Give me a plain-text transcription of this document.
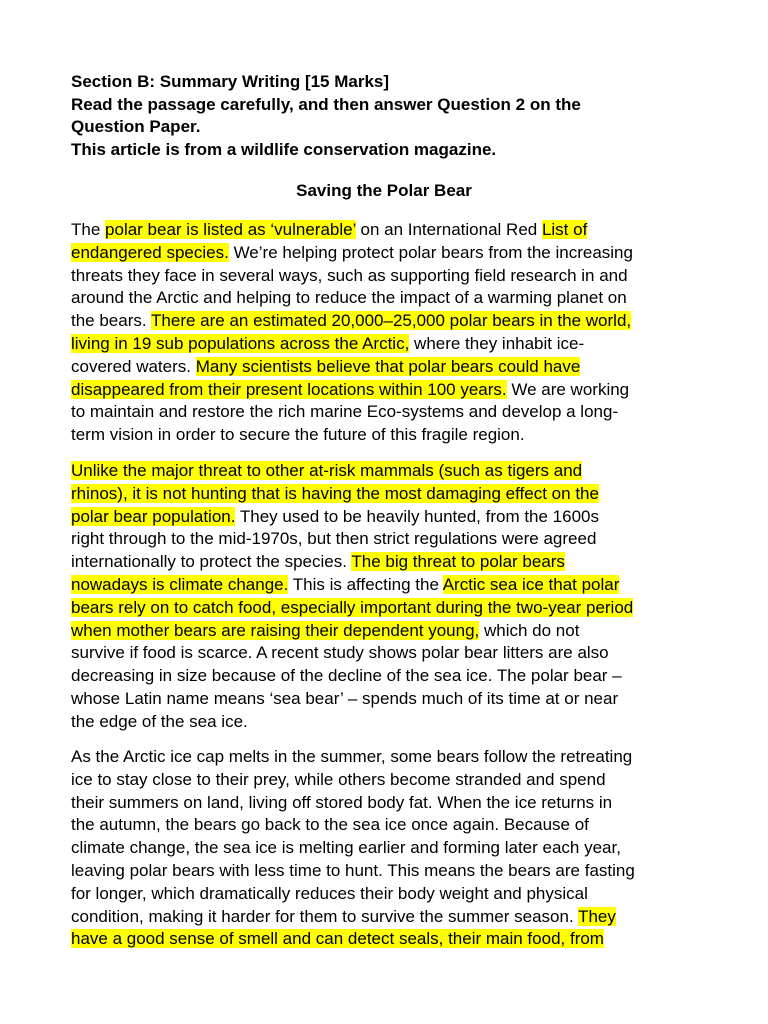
Section B: Summary Writing [15 Marks]
Read the passage carefully, and then answer Question 2 on the
Question Paper.
This article is from a wildlife conservation magazine.
Saving the Polar Bear
The polar bear is listed as ‘vulnerable’ on an International Red List of
endangered species. We’re helping protect polar bears from the increasing
threats they face in several ways, such as supporting field research in and
around the Arctic and helping to reduce the impact of a warming planet on
the bears. There are an estimated 20,000–25,000 polar bears in the world,
living in 19 sub populations across the Arctic, where they inhabit ice-
covered waters. Many scientists believe that polar bears could have
disappeared from their present locations within 100 years. We are working
to maintain and restore the rich marine Eco-systems and develop a long-
term vision in order to secure the future of this fragile region.
Unlike the major threat to other at-risk mammals (such as tigers and
rhinos), it is not hunting that is having the most damaging effect on the
polar bear population. They used to be heavily hunted, from the 1600s
right through to the mid-1970s, but then strict regulations were agreed
internationally to protect the species. The big threat to polar bears
nowadays is climate change. This is affecting the Arctic sea ice that polar
bears rely on to catch food, especially important during the two-year period
when mother bears are raising their dependent young, which do not
survive if food is scarce. A recent study shows polar bear litters are also
decreasing in size because of the decline of the sea ice. The polar bear –
whose Latin name means ‘sea bear’ – spends much of its time at or near
the edge of the sea ice.
As the Arctic ice cap melts in the summer, some bears follow the retreating
ice to stay close to their prey, while others become stranded and spend
their summers on land, living off stored body fat. When the ice returns in
the autumn, the bears go back to the sea ice once again. Because of
climate change, the sea ice is melting earlier and forming later each year,
leaving polar bears with less time to hunt. This means the bears are fasting
for longer, which dramatically reduces their body weight and physical
condition, making it harder for them to survive the summer season. They
have a good sense of smell and can detect seals, their main food, from
